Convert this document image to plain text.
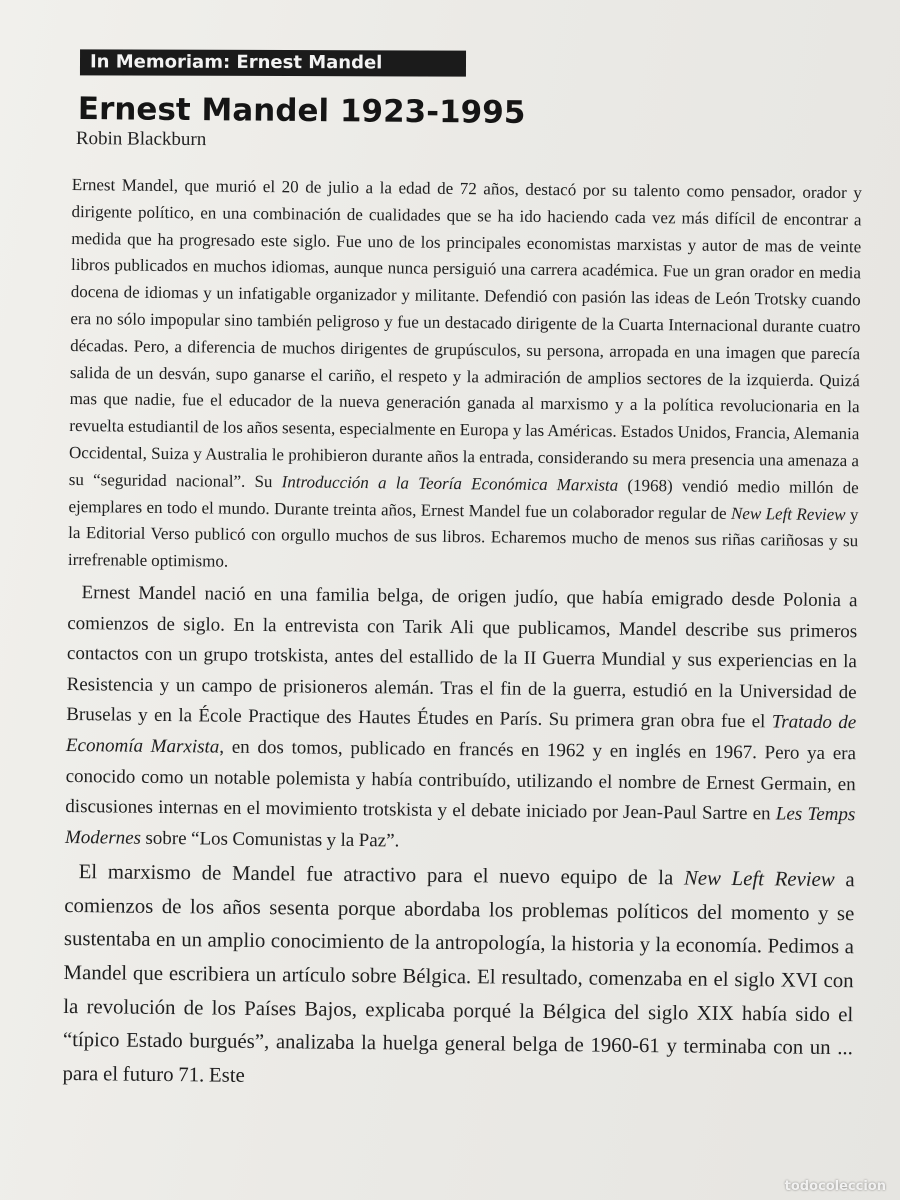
In Memoriam: Ernest Mandel
Ernest Mandel 1923-1995
Robin Blackburn

Ernest Mandel, que murió el 20 de julio a la edad de 72 años, destacó por su talento como pensador, orador y dirigente político, en una combinación de cualidades que se ha ido haciendo cada vez más difícil de encontrar a medida que ha progresado este siglo. Fue uno de los principales economistas marxistas y autor de mas de veinte libros publicados en muchos idiomas, aunque nunca persiguió una carrera académica. Fue un gran orador en media docena de idiomas y un infatigable organizador y militante. Defendió con pasión las ideas de León Trotsky cuando era no sólo impopular sino también peligroso y fue un destacado dirigente de la Cuarta Internacional durante cuatro décadas. Pero, a diferencia de muchos dirigentes de grupúsculos, su persona, arropada en una imagen que parecía salida de un desván, supo ganarse el cariño, el respeto y la admiración de amplios sectores de la izquierda. Quizá mas que nadie, fue el educador de la nueva generación ganada al marxismo y a la política revolucionaria en la revuelta estudiantil de los años sesenta, especialmente en Europa y las Américas. Estados Unidos, Francia, Alemania Occidental, Suiza y Australia le prohibieron durante años la entrada, considerando su mera presencia una amenaza a su “seguridad nacional”. Su Introducción a la Teoría Económica Marxista (1968) vendió medio millón de ejemplares en todo el mundo. Durante treinta años, Ernest Mandel fue un colaborador regular de New Left Review y la Editorial Verso publicó con orgullo muchos de sus libros. Echaremos mucho de menos sus riñas cariñosas y su irrefrenable optimismo.

Ernest Mandel nació en una familia belga, de origen judío, que había emigrado desde Polonia a comienzos de siglo. En la entrevista con Tarik Ali que publicamos, Mandel describe sus primeros contactos con un grupo trotskista, antes del estallido de la II Guerra Mundial y sus experiencias en la Resistencia y un campo de prisioneros alemán. Tras el fin de la guerra, estudió en la Universidad de Bruselas y en la École Practique des Hautes Études en París. Su primera gran obra fue el Tratado de Economía Marxista, en dos tomos, publicado en francés en 1962 y en inglés en 1967. Pero ya era conocido como un notable polemista y había contribuído, utilizando el nombre de Ernest Germain, en discusiones internas en el movimiento trotskista y el debate iniciado por Jean-Paul Sartre en Les Temps Modernes sobre “Los Comunistas y la Paz”.

El marxismo de Mandel fue atractivo para el nuevo equipo de la New Left Review a comienzos de los años sesenta porque abordaba los problemas políticos del momento y se sustentaba en un amplio conocimiento de la antropología, la historia y la economía. Pedimos a Mandel que escribiera un artículo sobre Bélgica. El resultado, comenzaba en el siglo XVI con la revolución de los Países Bajos, explicaba porqué la Bélgica del siglo XIX había sido el “típico Estado burgués”, analizaba la huelga general belga de 1960-61 y terminaba con un ... para el futuro 71. Este

todocoleccion
